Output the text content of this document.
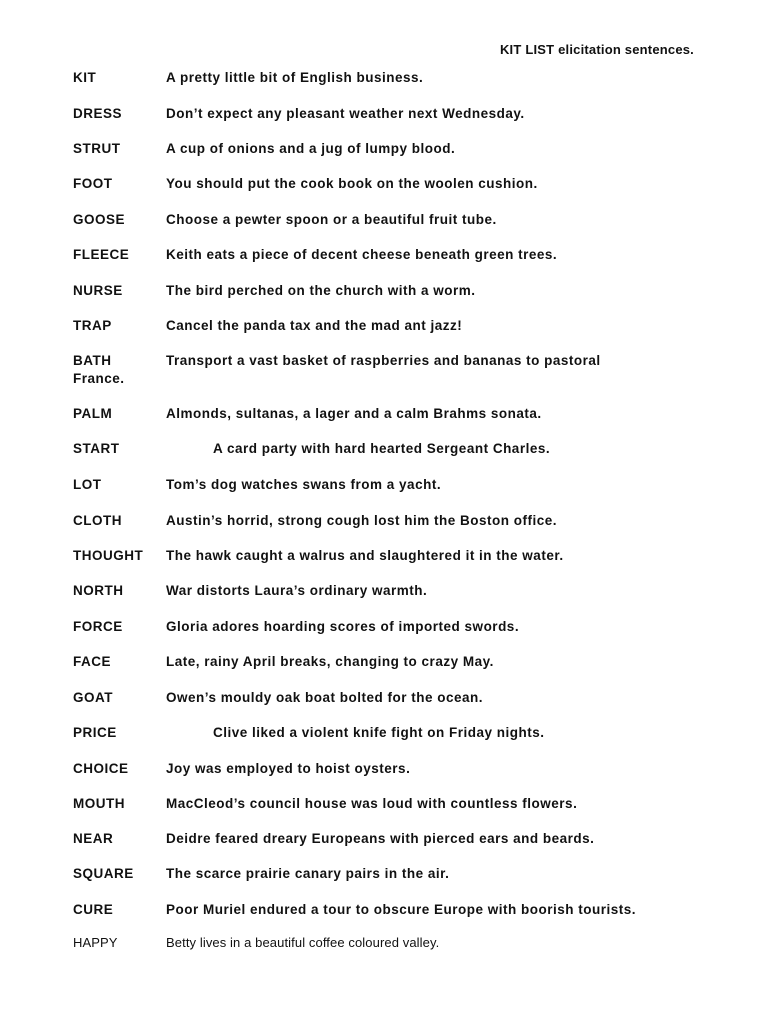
KIT LIST elicitation sentences.
KIT	A pretty little bit of English business.
DRESS	Don’t expect any pleasant weather next Wednesday.
STRUT	A cup of onions and a jug of lumpy blood.
FOOT	You should put the cook book on the woolen cushion.
GOOSE	Choose a pewter spoon or a beautiful fruit tube.
FLEECE	Keith eats a piece of decent cheese beneath green trees.
NURSE	The bird perched on the church with a worm.
TRAP	Cancel the panda tax and the mad ant jazz!
BATH	Transport a vast basket of raspberries and bananas to pastoral
France.
PALM	Almonds, sultanas, a lager and a calm Brahms sonata.
START	A card party with hard hearted Sergeant Charles.
LOT	Tom’s dog watches swans from a yacht.
CLOTH	Austin’s horrid, strong cough lost him the Boston office.
THOUGHT The hawk caught a walrus and slaughtered it in the water.
NORTH	War distorts Laura’s ordinary warmth.
FORCE	Gloria adores hoarding scores of imported swords.
FACE	Late, rainy April breaks, changing to crazy May.
GOAT	Owen’s mouldy oak boat bolted for the ocean.
PRICE	Clive liked a violent knife fight on Friday nights.
CHOICE	Joy was employed to hoist oysters.
MOUTH	MacCleod’s council house was loud with countless flowers.
NEAR	Deidre feared dreary Europeans with pierced ears and beards.
SQUARE The scarce prairie canary pairs in the air.
CURE	Poor Muriel endured a tour to obscure Europe with boorish tourists.
HAPPY	Betty lives in a beautiful coffee coloured valley.
